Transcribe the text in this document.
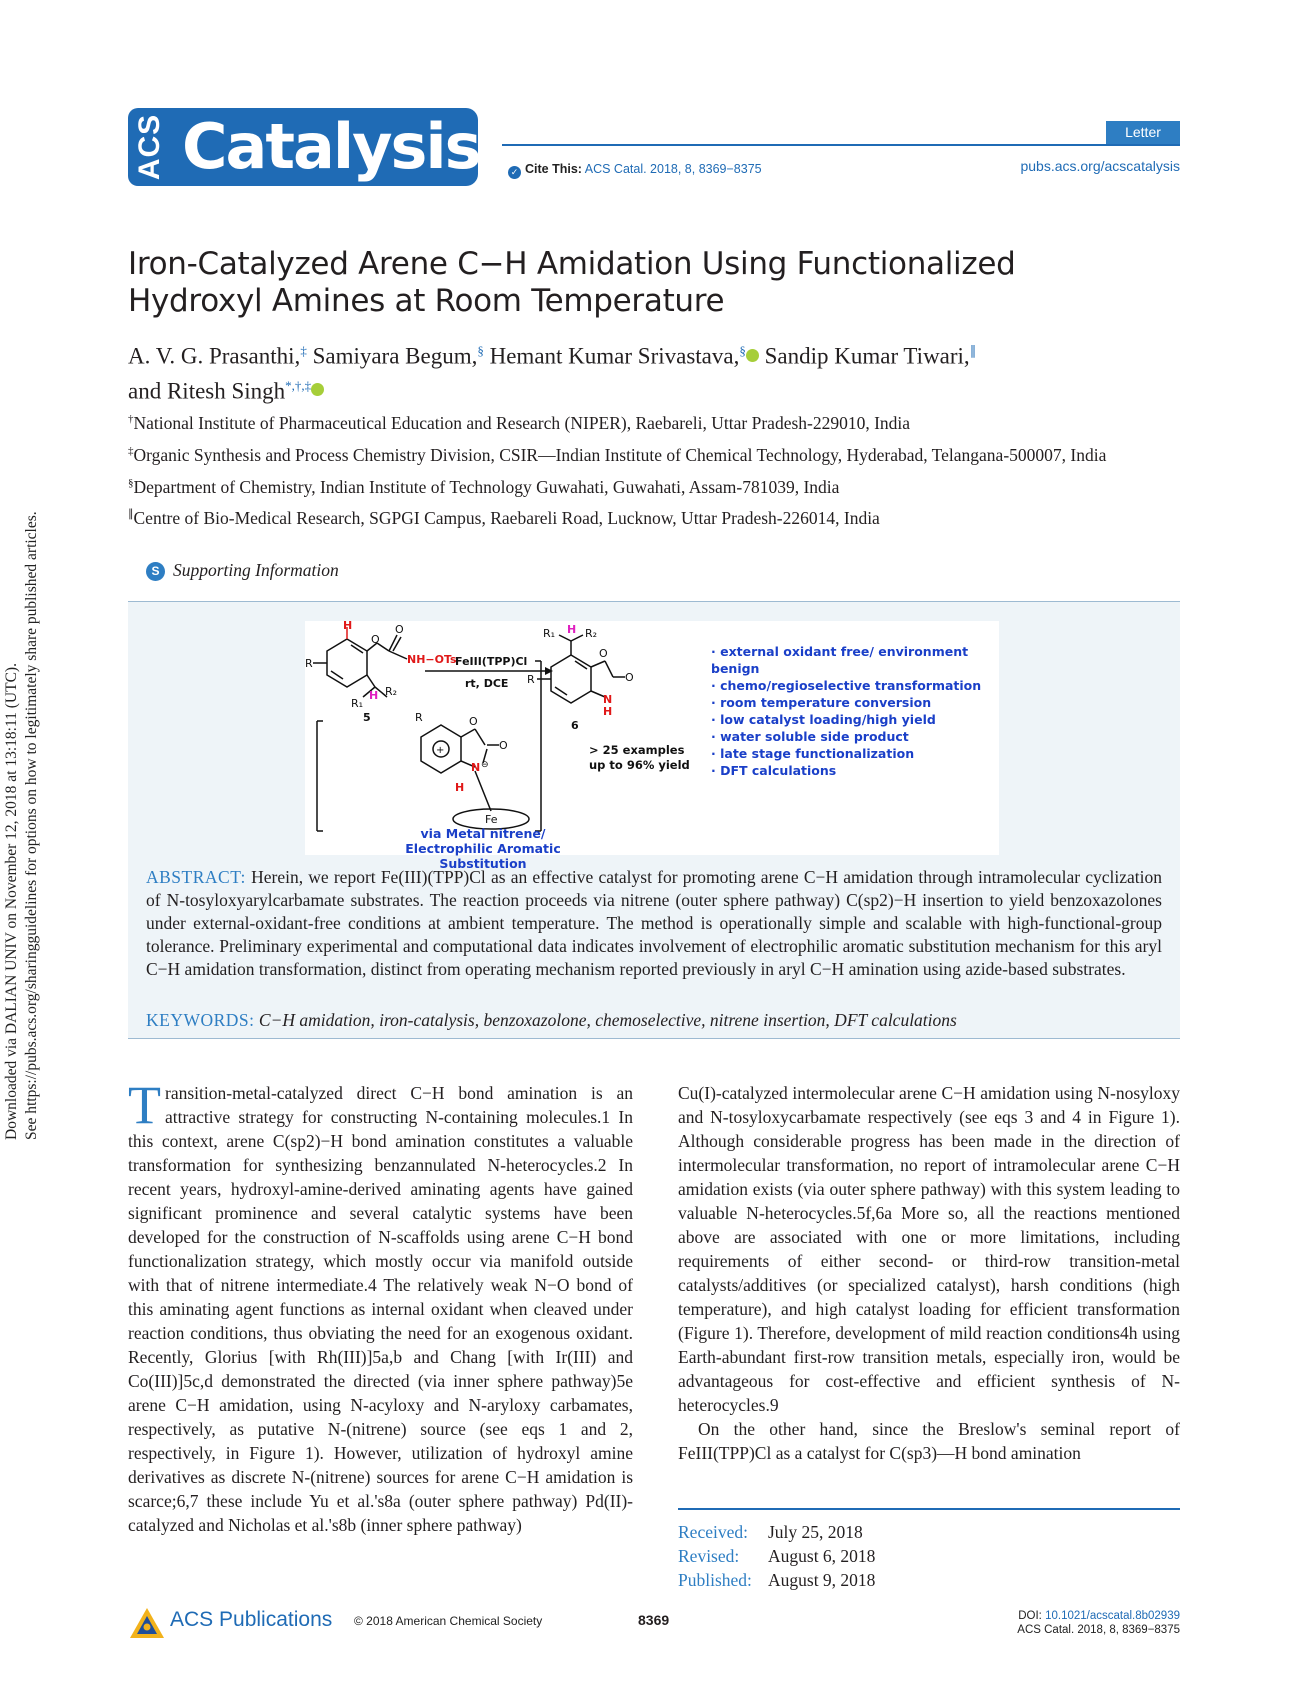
Downloaded via DALIAN UNIV on November 12, 2018 at 13:18:11 (UTC). See https://pubs.acs.org/sharingguidelines for options on how to legitimately share published articles.
ACS Catalysis	Letter
✓ Cite This: ACS Catal. 2018, 8, 8369−8375	pubs.acs.org/acscatalysis
Iron-Catalyzed Arene C−H Amidation Using Functionalized Hydroxyl Amines at Room Temperature
A. V. G. Prasanthi,‡ Samiyara Begum,§ Hemant Kumar Srivastava,§ Sandip Kumar Tiwari,∥
and Ritesh Singh*,†,‡

†National Institute of Pharmaceutical Education and Research (NIPER), Raebareli, Uttar Pradesh-229010, India

‡Organic Synthesis and Process Chemistry Division, CSIR—Indian Institute of Chemical Technology, Hyderabad, Telangana-500007, India

§Department of Chemistry, Indian Institute of Technology Guwahati, Guwahati, Assam-781039, India

∥Centre of Bio-Medical Research, SGPGI Campus, Raebareli Road, Lucknow, Uttar Pradesh-226014, India

S Supporting Information
H
O
O
NH−OTs
R
R₁
H R₂
5
FeIII(TPP)Cl
rt, DCE
+
O
O
N ⊖
H
Fe
R
H
R₁	R₂
O
O
N
H
R
6
> 25 examples
up to 96% yield
· external oxidant free/ environment benign
· chemo/regioselective transformation
· room temperature conversion
· low catalyst loading/high yield
· water soluble side product
· late stage functionalization
· DFT calculations
via Metal nitrene/
Electrophilic Aromatic Substitution
ABSTRACT: Herein, we report Fe(III)(TPP)Cl as an effective catalyst for promoting arene C−H amidation through intramolecular cyclization of N-tosyloxyarylcarbamate substrates. The reaction proceeds via nitrene (outer sphere pathway) C(sp2)−H insertion to yield benzoxazolones under external-oxidant-free conditions at ambient temperature. The method is operationally simple and scalable with high-functional-group tolerance. Preliminary experimental and computational data indicates involvement of electrophilic aromatic substitution mechanism for this aryl C−H amidation transformation, distinct from operating mechanism reported previously in aryl C−H amination using azide-based substrates.
KEYWORDS: C−H amidation, iron-catalysis, benzoxazolone, chemoselective, nitrene insertion, DFT calculations

Transition-metal-catalyzed direct C−H bond amination is an attractive strategy for constructing N-containing molecules.1 In this context, arene C(sp2)−H bond amination constitutes a valuable transformation for synthesizing benzannulated N-heterocycles.2 In recent years, hydroxyl-amine-derived aminating agents have gained significant prominence and several catalytic systems have been developed for the construction of N-scaffolds using arene C−H bond functionalization strategy, which mostly occur via manifold outside with that of nitrene intermediate.4 The relatively weak N−O bond of this aminating agent functions as internal oxidant when cleaved under reaction conditions, thus obviating the need for an exogenous oxidant. Recently, Glorius [with Rh(III)]5a,b and Chang [with Ir(III) and Co(III)]5c,d demonstrated the directed (via inner sphere pathway)5e arene C−H amidation, using N-acyloxy and N-aryloxy carbamates, respectively, as putative N-(nitrene) source (see eqs 1 and 2, respectively, in Figure 1). However, utilization of hydroxyl amine derivatives as discrete N-(nitrene) sources for arene C−H amidation is scarce;6,7 these include Yu et al.'s8a (outer sphere pathway) Pd(II)-catalyzed and Nicholas et al.'s8b (inner sphere pathway)

Cu(I)-catalyzed intermolecular arene C−H amidation using N-nosyloxy and N-tosyloxycarbamate respectively (see eqs 3 and 4 in Figure 1). Although considerable progress has been made in the direction of intermolecular transformation, no report of intramolecular arene C−H amidation exists (via outer sphere pathway) with this system leading to valuable N-heterocycles.5f,6a More so, all the reactions mentioned above are associated with one or more limitations, including requirements of either second- or third-row transition-metal catalysts/additives (or specialized catalyst), harsh conditions (high temperature), and high catalyst loading for efficient transformation (Figure 1). Therefore, development of mild reaction conditions4h using Earth-abundant first-row transition metals, especially iron, would be advantageous for cost-effective and efficient synthesis of N-heterocycles.9

On the other hand, since the Breslow's seminal report of FeIII(TPP)Cl as a catalyst for C(sp3)—H bond amination

Received:	July 25, 2018
Revised:	August 6, 2018
Published: August 9, 2018
ACS Publications © 2018 American Chemical Society	8369	DOI: 10.1021/acscatal.8b02939
ACS Catal. 2018, 8, 8369−8375
